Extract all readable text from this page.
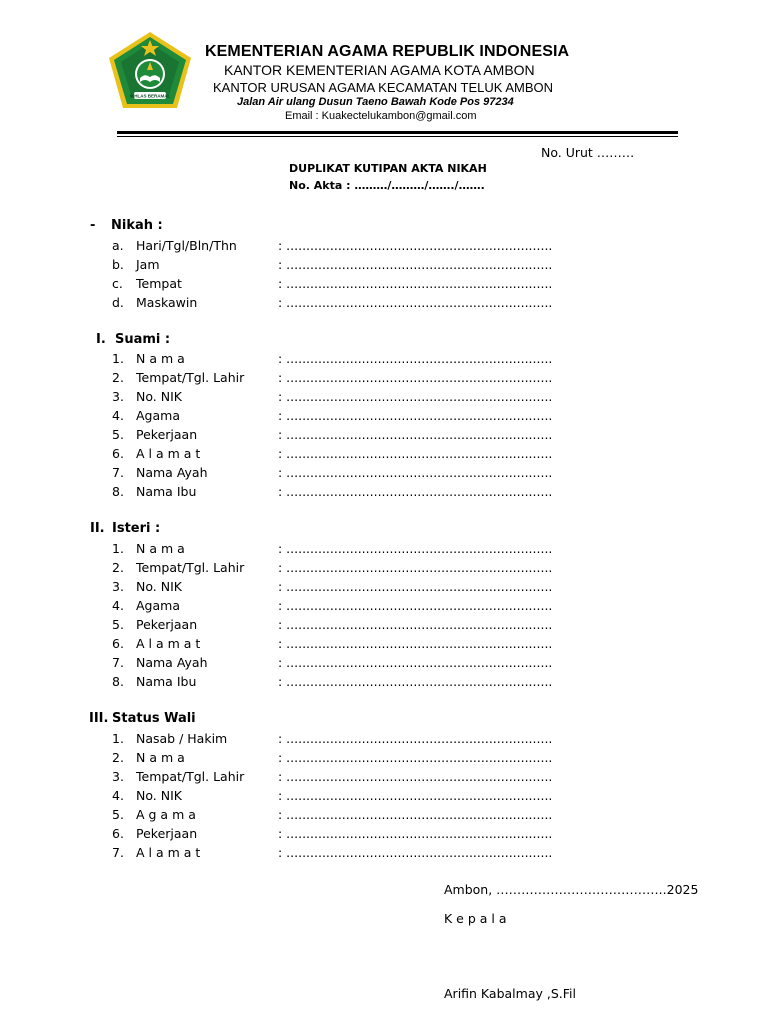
IKHLAS BERAMAL
KEMENTERIAN AGAMA REPUBLIK INDONESIA
KANTOR KEMENTERIAN AGAMA KOTA AMBON
KANTOR URUSAN AGAMA KECAMATAN TELUK AMBON
Jalan Air ulang Dusun Taeno Bawah Kode Pos 97234
Email : Kuakectelukambon@gmail.com
No. Urut ………
DUPLIKAT KUTIPAN AKTA NIKAH
No. Akta : ………/………/……./…….
- Nikah :
a. Hari/Tgl/Bln/Thn	: ...................................................................
b. Jam	: ...................................................................
c. Tempat	: ...................................................................
d. Maskawin	: ...................................................................
I. Suami :
1. N a m a	: ...................................................................
2. Tempat/Tgl. Lahir	: ...................................................................
3. No. NIK	: ...................................................................
4. Agama	: ...................................................................
5. Pekerjaan	: ...................................................................
6. A l a m a t	: ...................................................................
7. Nama Ayah	: ...................................................................
8. Nama Ibu	: ...................................................................
II. Isteri :
1. N a m a	: ...................................................................
2. Tempat/Tgl. Lahir	: ...................................................................
3. No. NIK	: ...................................................................
4. Agama	: ...................................................................
5. Pekerjaan	: ...................................................................
6. A l a m a t	: ...................................................................
7. Nama Ayah	: ...................................................................
8. Nama Ibu	: ...................................................................
III. Status Wali
1. Nasab / Hakim	: ...................................................................
2. N a m a	: ...................................................................
3. Tempat/Tgl. Lahir	: ...................................................................
4. No. NIK	: ...................................................................
5. A g a m a	: ...................................................................
6. Pekerjaan	: ...................................................................
7. A l a m a t	: ...................................................................
Ambon, …………………………………..2025
K e p a l a
Arifin Kabalmay ,S.Fil
